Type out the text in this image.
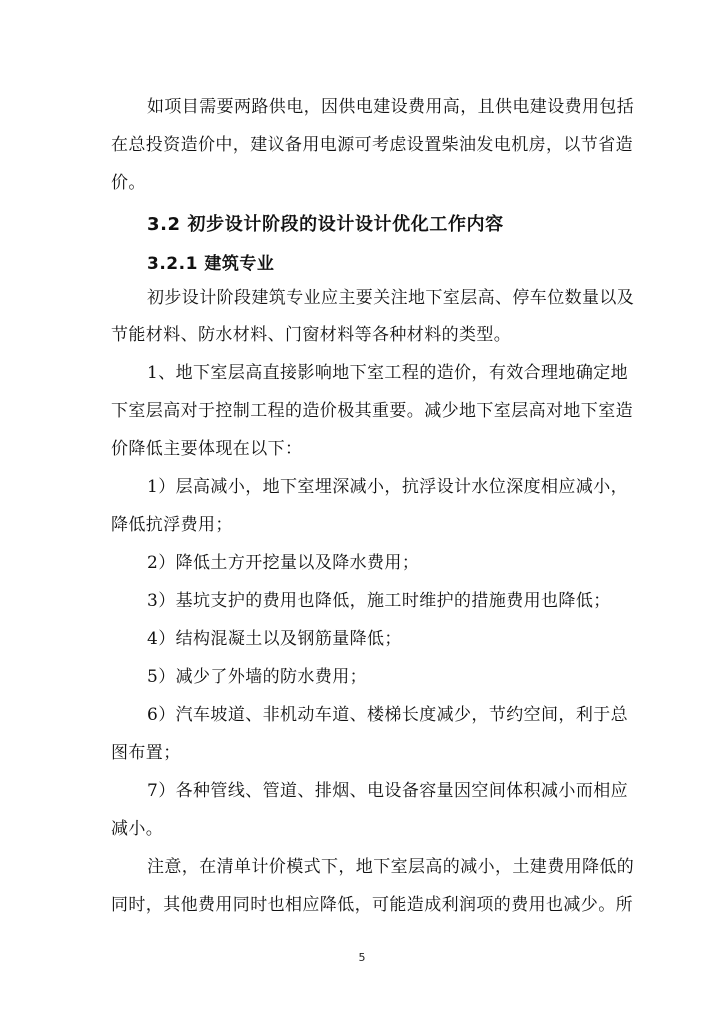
如项目需要两路供电，因供电建设费用高，且供电建设费用包括
在总投资造价中，建议备用电源可考虑设置柴油发电机房，以节省造
价。
3.2 初步设计阶段的设计设计优化工作内容
3.2.1 建筑专业
初步设计阶段建筑专业应主要关注地下室层高、停车位数量以及
节能材料、防水材料、门窗材料等各种材料的类型。
1、地下室层高直接影响地下室工程的造价，有效合理地确定地
下室层高对于控制工程的造价极其重要。减少地下室层高对地下室造
价降低主要体现在以下：
1）层高减小，地下室埋深减小，抗浮设计水位深度相应减小，
降低抗浮费用；
2）降低土方开挖量以及降水费用；
3）基坑支护的费用也降低，施工时维护的措施费用也降低；
4）结构混凝土以及钢筋量降低；
5）减少了外墙的防水费用；
6）汽车坡道、非机动车道、楼梯长度减少，节约空间，利于总
图布置；
7）各种管线、管道、排烟、电设备容量因空间体积减小而相应
减小。
注意，在清单计价模式下，地下室层高的减小，土建费用降低的
同时，其他费用同时也相应降低，可能造成利润项的费用也减少。所
5
